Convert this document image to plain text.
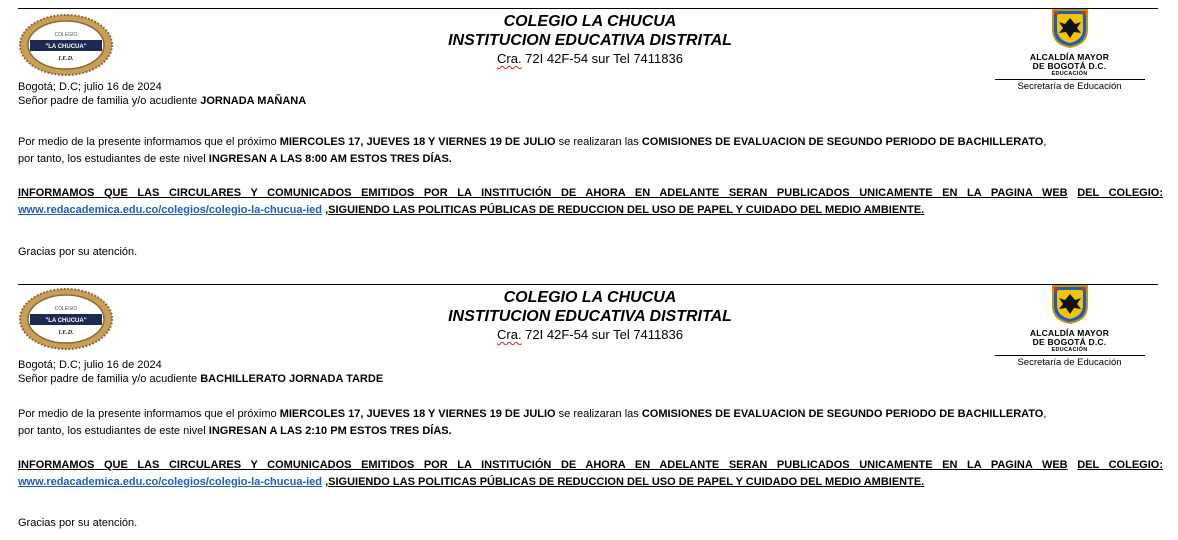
COLEGIO
"LA CHUCUA"
I.E.D.
COLEGIO LA CHUCUA
INSTITUCION EDUCATIVA DISTRITAL
Cra. 72I 42F-54 sur Tel 7411836	ALCALDÍA MAYOR
DE BOGOTÁ D.C.
EDUCACIÓN
Secretaría de Educación
Bogotá; D.C; julio 16 de 2024
Señor padre de familia y/o acudiente JORNADA MAÑANA
Por medio de la presente informamos que el próximo MIERCOLES 17, JUEVES 18 Y VIERNES 19 DE JULIO se realizaran las COMISIONES DE EVALUACION DE SEGUNDO PERIODO DE BACHILLERATO,
por tanto, los estudiantes de este nivel INGRESAN A LAS 8:00 AM ESTOS TRES DÍAS.
INFORMAMOS QUE LAS CIRCULARES Y COMUNICADOS EMITIDOS POR LA INSTITUCIÓN DE AHORA EN ADELANTE SERAN PUBLICADOS UNICAMENTE EN LA PAGINA WEB DEL COLEGIO:
www.redacademica.edu.co/colegios/colegio-la-chucua-ied ,SIGUIENDO LAS POLITICAS PÚBLICAS DE REDUCCION DEL USO DE PAPEL Y CUIDADO DEL MEDIO AMBIENTE.
Gracias por su atención.
COLEGIO
"LA CHUCUA"
I.E.D.
COLEGIO LA CHUCUA
INSTITUCION EDUCATIVA DISTRITAL
Cra. 72I 42F-54 sur Tel 7411836	ALCALDÍA MAYOR
DE BOGOTÁ D.C.
EDUCACIÓN
Secretaría de Educación
Bogotá; D.C; julio 16 de 2024
Señor padre de familia y/o acudiente BACHILLERATO JORNADA TARDE
Por medio de la presente informamos que el próximo MIERCOLES 17, JUEVES 18 Y VIERNES 19 DE JULIO se realizaran las COMISIONES DE EVALUACION DE SEGUNDO PERIODO DE BACHILLERATO,
por tanto, los estudiantes de este nivel INGRESAN A LAS 2:10 PM ESTOS TRES DÍAS.
INFORMAMOS QUE LAS CIRCULARES Y COMUNICADOS EMITIDOS POR LA INSTITUCIÓN DE AHORA EN ADELANTE SERAN PUBLICADOS UNICAMENTE EN LA PAGINA WEB DEL COLEGIO:
www.redacademica.edu.co/colegios/colegio-la-chucua-ied ,SIGUIENDO LAS POLITICAS PÚBLICAS DE REDUCCION DEL USO DE PAPEL Y CUIDADO DEL MEDIO AMBIENTE.
Gracias por su atención.
